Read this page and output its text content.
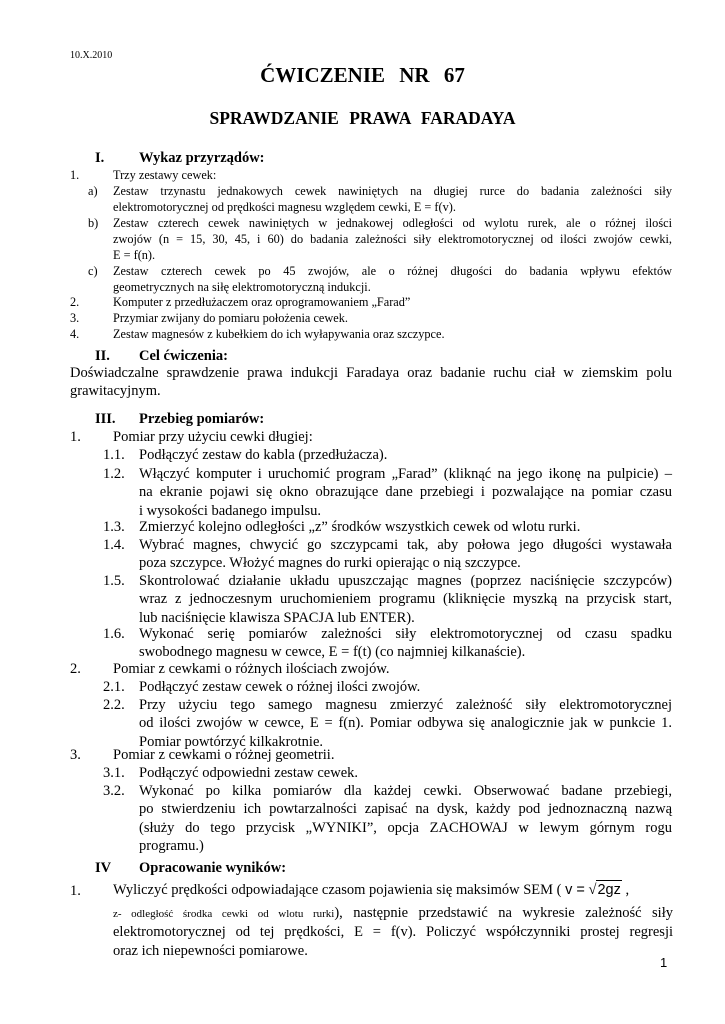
10.X.2010
ĆWICZENIE NR 67
SPRAWDZANIE PRAWA FARADAYA
I. Wykaz przyrządów:
1.	Trzy zestawy cewek:
a) Zestaw trzynastu jednakowych cewek nawiniętych na długiej rurce do badania zależności siły
elektromotorycznej od prędkości magnesu względem cewki, E = f(v).
b) Zestaw czterech cewek nawiniętych w jednakowej odległości od wylotu rurek, ale o różnej ilości
zwojów (n = 15, 30, 45, i 60) do badania zależności siły elektromotorycznej od ilości zwojów cewki,
E = f(n).
c) Zestaw czterech cewek po 45 zwojów, ale o różnej długości do badania wpływu efektów
geometrycznych na siłę elektromotoryczną indukcji.
2.	Komputer z przedłużaczem oraz oprogramowaniem „Farad”
3.	Przymiar zwijany do pomiaru położenia cewek.
4.	Zestaw magnesów z kubełkiem do ich wyłapywania oraz szczypce.
II. Cel ćwiczenia:
Doświadczalne sprawdzenie prawa indukcji Faradaya oraz badanie ruchu ciał w ziemskim polu
grawitacyjnym.
III. Przebieg pomiarów:
1. Pomiar przy użyciu cewki długiej:
1.1. Podłączyć zestaw do kabla (przedłużacza).
1.2. Włączyć komputer i uruchomić program „Farad” (kliknąć na jego ikonę na pulpicie) –
na ekranie pojawi się okno obrazujące dane przebiegi i pozwalające na pomiar czasu
i wysokości badanego impulsu.
1.3. Zmierzyć kolejno odległości „z” środków wszystkich cewek od wlotu rurki.
1.4. Wybrać magnes, chwycić go szczypcami tak, aby połowa jego długości wystawała
poza szczypce. Włożyć magnes do rurki opierając o nią szczypce.
1.5. Skontrolować działanie układu upuszczając magnes (poprzez naciśnięcie szczypców)
wraz z jednoczesnym uruchomieniem programu (kliknięcie myszką na przycisk start,
lub naciśnięcie klawisza SPACJA lub ENTER).
1.6. Wykonać serię pomiarów zależności siły elektromotorycznej od czasu spadku
swobodnego magnesu w cewce, E = f(t) (co najmniej kilkanaście).
2. Pomiar z cewkami o różnych ilościach zwojów.
2.1. Podłączyć zestaw cewek o różnej ilości zwojów.
2.2. Przy użyciu tego samego magnesu zmierzyć zależność siły elektromotorycznej
od ilości zwojów w cewce, E = f(n). Pomiar odbywa się analogicznie jak w punkcie 1.
Pomiar powtórzyć kilkakrotnie.
3. Pomiar z cewkami o różnej geometrii.
3.1. Podłączyć odpowiedni zestaw cewek.
3.2. Wykonać po kilka pomiarów dla każdej cewki. Obserwować badane przebiegi,
po stwierdzeniu ich powtarzalności zapisać na dysk, każdy pod jednoznaczną nazwą
(służy do tego przycisk „WYNIKI”, opcja ZACHOWAJ w lewym górnym rogu
programu.)
IV Opracowanie wyników:
1. Wyliczyć prędkości odpowiadające czasom pojawienia się maksimów SEM ( v = √2gz ,
z- odległość środka cewki od wlotu rurki), następnie przedstawić na wykresie zależność siły
elektromotorycznej od tej prędkości, E = f(v). Policzyć współczynniki prostej regresji
oraz ich niepewności pomiarowe.
1
